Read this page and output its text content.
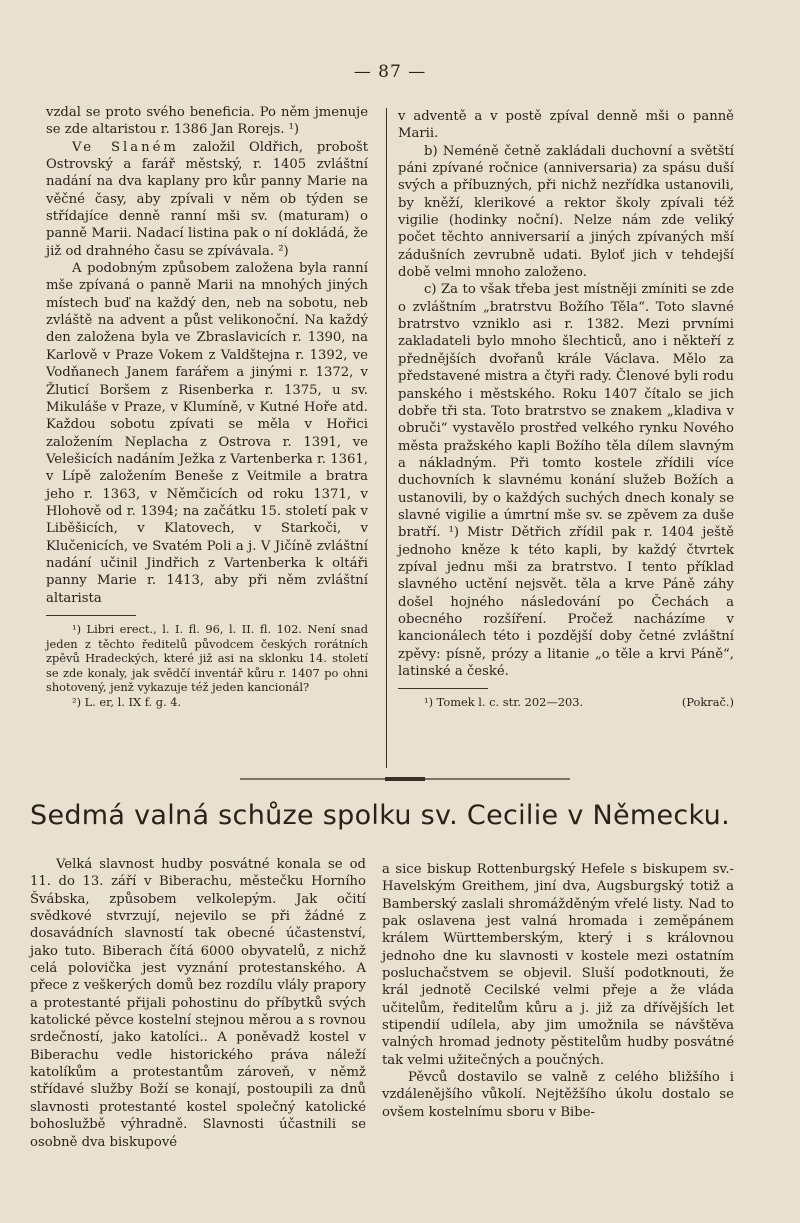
— 87 —

vzdal se proto svého beneficia. Po něm jmenuje se zde altaristou r. 1386 Jan Rorejs. ¹)

Ve Slaném založil Oldřich, probošt Ostrovský a farář městský, r. 1405 zvláštní nadání na dva kaplany pro kůr panny Marie na věčné časy, aby zpívali v něm ob týden se střídajíce denně ranní mši sv. (maturam) o panně Marii. Nadací listina pak o ní dokládá, že již od drahného času se zpívávala. ²)

A podobným způsobem založena byla ranní mše zpívaná o panně Marii na mnohých jiných místech buď na každý den, neb na sobotu, neb zvláště na advent a půst velikonoční. Na každý den založena byla ve Zbraslavicích r. 1390, na Karlově v Praze Vokem z Valdštejna r. 1392, ve Vodňanech Janem farářem a jinými r. 1372, v Žluticí Boršem z Risenberka r. 1375, u sv. Mikuláše v Praze, v Klumíně, v Kutné Hoře atd. Každou sobotu zpívati se měla v Hořici založením Neplacha z Ostrova r. 1391, ve Velešicích nadáním Ježka z Vartenberka r. 1361, v Lípě založením Beneše z Veitmile a bratra jeho r. 1363, v Němčicích od roku 1371, v Hlohově od r. 1394; na začátku 15. století pak v Liběšicích, v Klatovech, v Starkoči, v Klučenicích, ve Svatém Poli a j. V Jičíně zvláštní nadání učinil Jindřich z Vartenberka k oltáři panny Marie r. 1413, aby při něm zvláštní altarista

¹) Libri erect., l. I. fl. 96, l. II. fl. 102. Není snad jeden z těchto ředitelů původcem českých rorátních zpěvů Hradeckých, které již asi na sklonku 14. století se zde konaly, jak svědčí inventář kůru r. 1407 po ohni shotovený, jenž vykazuje též jeden kancionál?

²) L. er, l. IX f. g. 4.

v adventě a v postě zpíval denně mši o panně Marii.

b) Neméně četně zakládali duchovní a světští páni zpívané ročnice (anniversaria) za spásu duší svých a příbuzných, při nichž nezřídka ustanovili, by kněží, klerikové a rektor školy zpívali též vigilie (hodinky noční). Nelze nám zde veliký počet těchto anniversarií a jiných zpívaných mší zádušních zevrubně udati. Byloť jich v tehdejší době velmi mnoho založeno.

c) Za to však třeba jest místněji zmíniti se zde o zvláštním „bratrstvu Božího Těla“. Toto slavné bratrstvo vzniklo asi r. 1382. Mezi prvními zakladateli bylo mnoho šlechticů, ano i někteří z přednějších dvořanů krále Václava. Mělo za představené mistra a čtyři rady. Členové byli rodu panského i městského. Roku 1407 čítalo se jich dobře tři sta. Toto bratrstvo se znakem „kladiva v obruči“ vystavělo prostřed velkého rynku Nového města pražského kapli Božího těla dílem slavným a nákladným. Při tomto kostele zřídili více duchovních k slavnému konání služeb Božích a ustanovili, by o každých suchých dnech konaly se slavné vigilie a úmrtní mše sv. se zpěvem za duše bratří. ¹) Mistr Dětřich zřídil pak r. 1404 ještě jednoho kněze k této kapli, by každý čtvrtek zpíval jednu mši za bratrstvo. I tento příklad slavného uctění nejsvět. těla a krve Páně záhy došel hojného následování po Čechách a obecného rozšíření. Pročež nacházíme v kancionálech této i pozdější doby četné zvláštní zpěvy: písně, prózy a litanie „o těle a krvi Páně“, latinské a české.

¹) Tomek l. c. str. 202—203.	(Pokrač.)

Sedmá valná schůze spolku sv. Cecilie v Německu.

Velká slavnost hudby posvátné konala se od 11. do 13. září v Biberachu, městečku Horního Švábska, způsobem velkolepým. Jak očití svědkové stvrzují, nejevilo se při žádné z dosavádních slavností tak obecné účastenství, jako tuto. Biberach čítá 6000 obyvatelů, z nichž celá polovička jest vyznání protestanského. A přece z veškerých domů bez rozdílu vlály prapory a protestanté přijali pohostinu do příbytků svých katolické pěvce kostelní stejnou měrou a s rovnou srdečností, jako katolíci.. A poněvadž kostel v Biberachu vedle historického práva náleží katolíkům a protestantům zároveň, v němž střídavé služby Boží se konají, postoupili za dnů slavnosti protestanté kostel společný katolické bohoslužbě výhradně. Slavnosti účastnili se osobně dva biskupové

a sice biskup Rottenburgský Hefele s biskupem sv.-Havelským Greithem, jiní dva, Augsburgský totiž a Bamberský zaslali shromážděným vřelé listy. Nad to pak oslavena jest valná hromada i zeměpánem králem Württemberským, který i s královnou jednoho dne ku slavnosti v kostele mezi ostatním posluchačstvem se objevil. Sluší podotknouti, že král jednotě Cecilské velmi přeje a že vláda učitelům, ředitelům kůru a j. již za dřívějších let stipendií udílela, aby jim umožnila se návštěva valných hromad jednoty pěstitelům hudby posvátné tak velmi užitečných a poučných.

Pěvců dostavilo se valně z celého bližšího i vzdálenějšího vůkolí. Nejtěžšího úkolu dostalo se ovšem kostelnímu sboru v Bibe-
